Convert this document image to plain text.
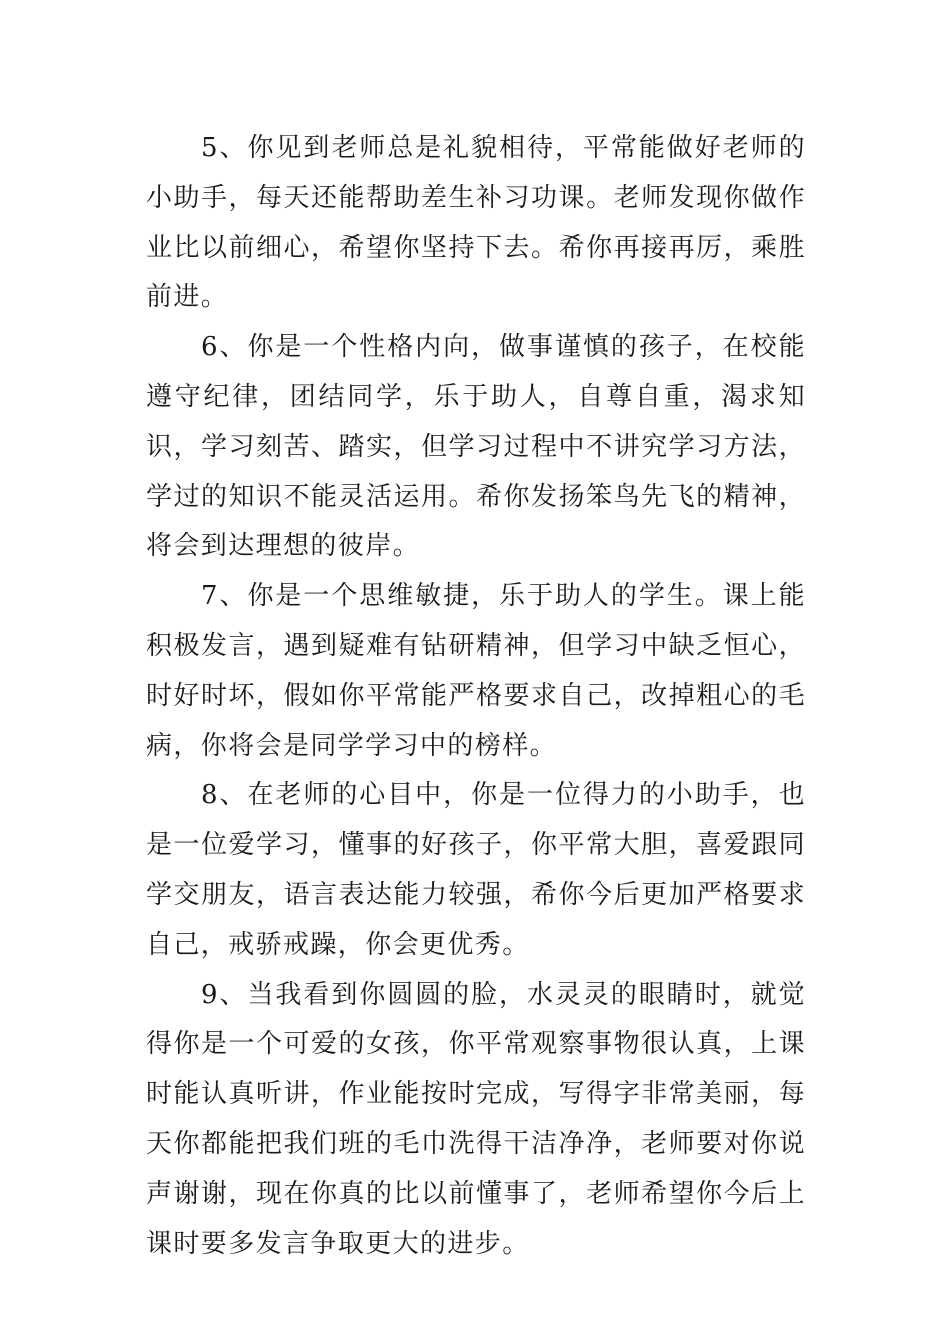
5、你见到老师总是礼貌相待，平常能做好老师的小助手，每天还能帮助差生补习功课。老师发现你做作业比以前细心，希望你坚持下去。希你再接再厉，乘胜前进。

6、你是一个性格内向，做事谨慎的孩子，在校能遵守纪律，团结同学，乐于助人，自尊自重，渴求知识，学习刻苦、踏实，但学习过程中不讲究学习方法，学过的知识不能灵活运用。希你发扬笨鸟先飞的精神，将会到达理想的彼岸。

7、你是一个思维敏捷，乐于助人的学生。课上能积极发言，遇到疑难有钻研精神，但学习中缺乏恒心，时好时坏，假如你平常能严格要求自己，改掉粗心的毛病，你将会是同学学习中的榜样。

8、在老师的心目中，你是一位得力的小助手，也是一位爱学习，懂事的好孩子，你平常大胆，喜爱跟同学交朋友，语言表达能力较强，希你今后更加严格要求自己，戒骄戒躁，你会更优秀。

9、当我看到你圆圆的脸，水灵灵的眼睛时，就觉得你是一个可爱的女孩，你平常观察事物很认真，上课时能认真听讲，作业能按时完成，写得字非常美丽，每天你都能把我们班的毛巾洗得干洁净净，老师要对你说声谢谢，现在你真的比以前懂事了，老师希望你今后上课时要多发言争取更大的进步。
